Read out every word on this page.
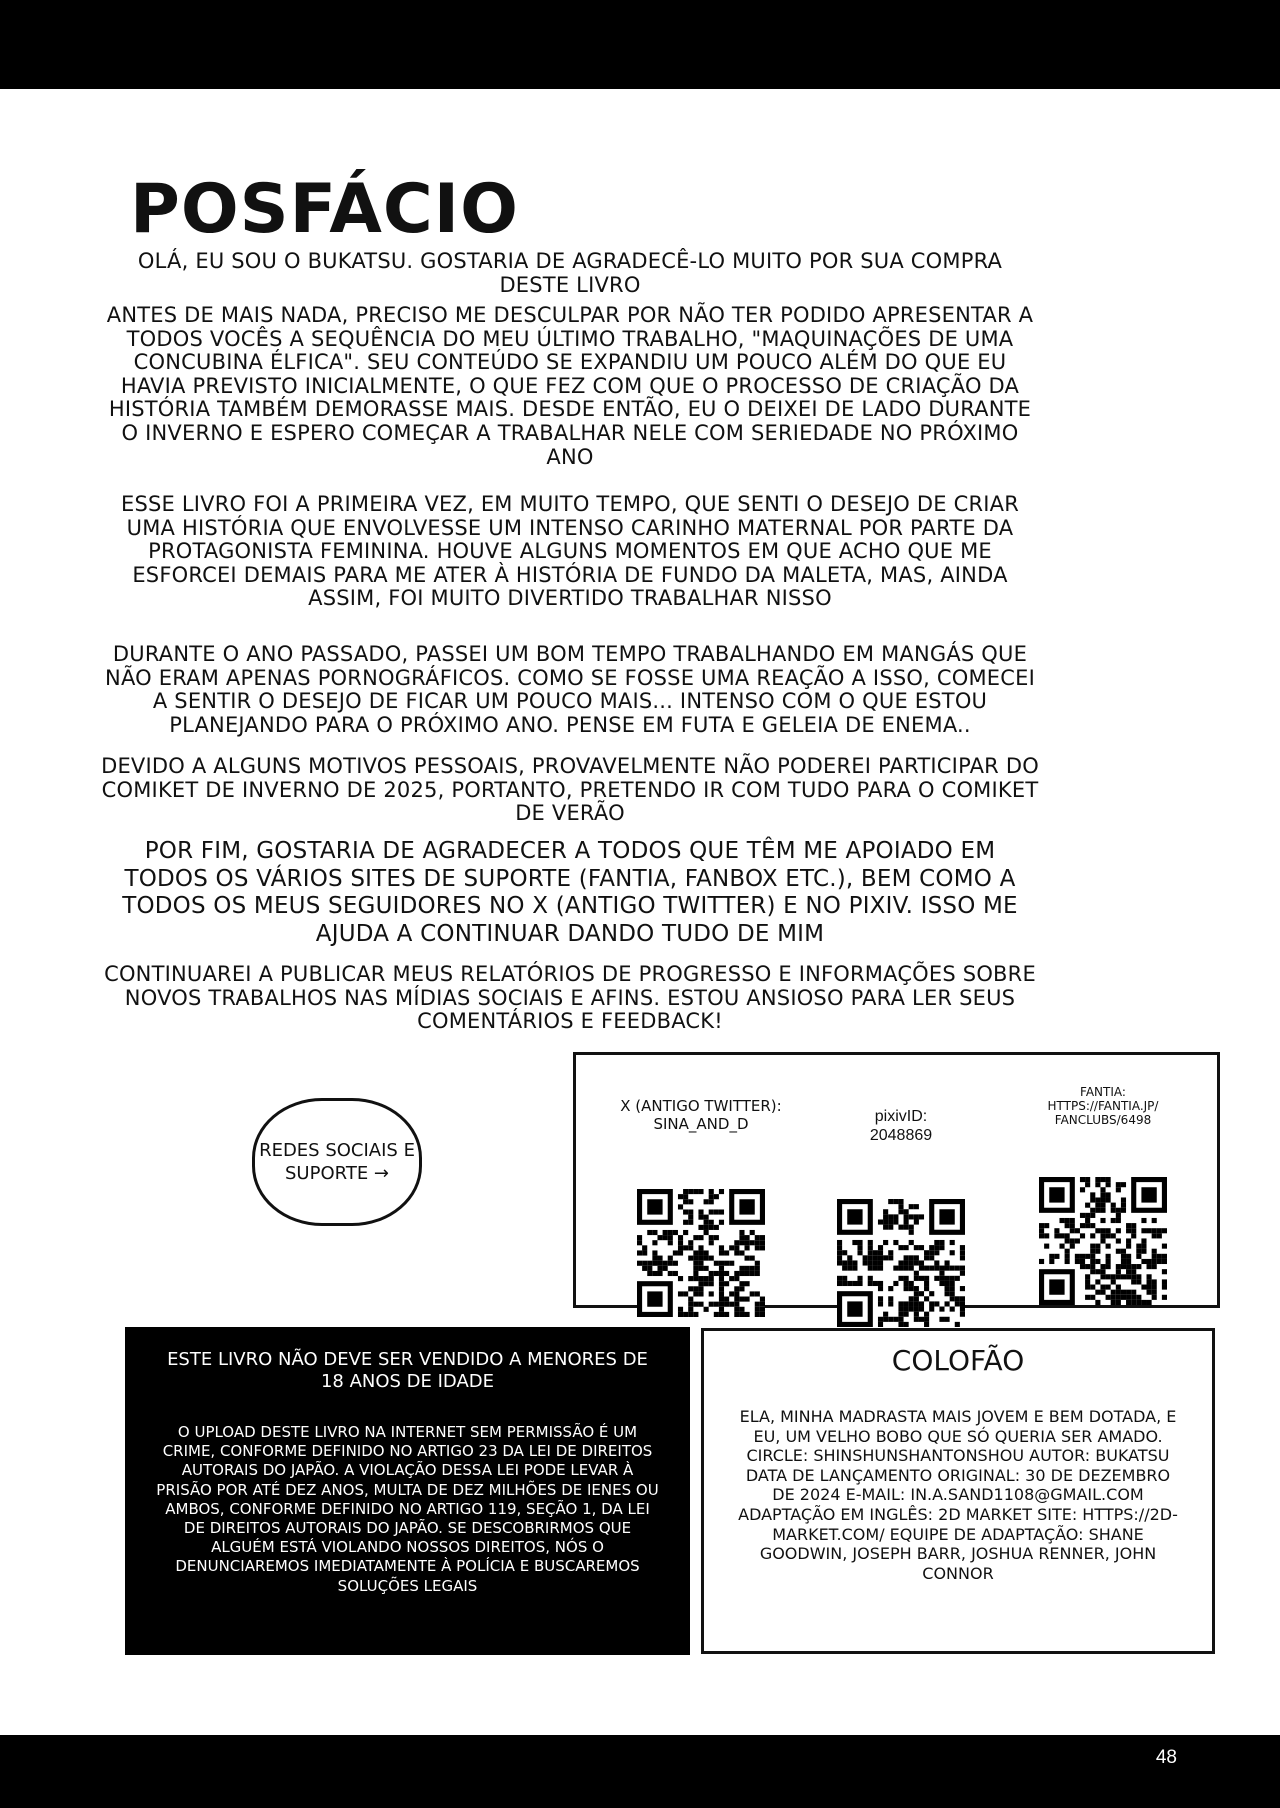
POSFÁCIO

OLÁ, EU SOU O BUKATSU. GOSTARIA DE AGRADECÊ-LO MUITO POR SUA COMPRA DESTE LIVRO

ANTES DE MAIS NADA, PRECISO ME DESCULPAR POR NÃO TER PODIDO APRESENTAR A TODOS VOCÊS A SEQUÊNCIA DO MEU ÚLTIMO TRABALHO, "MAQUINAÇÕES DE UMA CONCUBINA ÉLFICA". SEU CONTEÚDO SE EXPANDIU UM POUCO ALÉM DO QUE EU HAVIA PREVISTO INICIALMENTE, O QUE FEZ COM QUE O PROCESSO DE CRIAÇÃO DA HISTÓRIA TAMBÉM DEMORASSE MAIS. DESDE ENTÃO, EU O DEIXEI DE LADO DURANTE O INVERNO E ESPERO COMEÇAR A TRABALHAR NELE COM SERIEDADE NO PRÓXIMO ANO

ESSE LIVRO FOI A PRIMEIRA VEZ, EM MUITO TEMPO, QUE SENTI O DESEJO DE CRIAR UMA HISTÓRIA QUE ENVOLVESSE UM INTENSO CARINHO MATERNAL POR PARTE DA PROTAGONISTA FEMININA. HOUVE ALGUNS MOMENTOS EM QUE ACHO QUE ME ESFORCEI DEMAIS PARA ME ATER À HISTÓRIA DE FUNDO DA MALETA, MAS, AINDA ASSIM, FOI MUITO DIVERTIDO TRABALHAR NISSO

DURANTE O ANO PASSADO, PASSEI UM BOM TEMPO TRABALHANDO EM MANGÁS QUE NÃO ERAM APENAS PORNOGRÁFICOS. COMO SE FOSSE UMA REAÇÃO A ISSO, COMECEI A SENTIR O DESEJO DE FICAR UM POUCO MAIS... INTENSO COM O QUE ESTOU PLANEJANDO PARA O PRÓXIMO ANO. PENSE EM FUTA E GELEIA DE ENEMA..

DEVIDO A ALGUNS MOTIVOS PESSOAIS, PROVAVELMENTE NÃO PODEREI PARTICIPAR DO COMIKET DE INVERNO DE 2025, PORTANTO, PRETENDO IR COM TUDO PARA O COMIKET DE VERÃO

POR FIM, GOSTARIA DE AGRADECER A TODOS QUE TÊM ME APOIADO EM TODOS OS VÁRIOS SITES DE SUPORTE (FANTIA, FANBOX ETC.), BEM COMO A TODOS OS MEUS SEGUIDORES NO X (ANTIGO TWITTER) E NO PIXIV. ISSO ME AJUDA A CONTINUAR DANDO TUDO DE MIM

CONTINUAREI A PUBLICAR MEUS RELATÓRIOS DE PROGRESSO E INFORMAÇÕES SOBRE NOVOS TRABALHOS NAS MÍDIAS SOCIAIS E AFINS. ESTOU ANSIOSO PARA LER SEUS COMENTÁRIOS E FEEDBACK!

REDES SOCIAIS E SUPORTE →
X (ANTIGO TWITTER):
SINA_AND_D	pixivID:
2048869
FANTIA:
HTTPS://FANTIA.JP/
FANCLUBS/6498

ESTE LIVRO NÃO DEVE SER VENDIDO A MENORES DE 18 ANOS DE IDADE

O UPLOAD DESTE LIVRO NA INTERNET SEM PERMISSÃO É UM CRIME, CONFORME DEFINIDO NO ARTIGO 23 DA LEI DE DIREITOS AUTORAIS DO JAPÃO. A VIOLAÇÃO DESSA LEI PODE LEVAR À PRISÃO POR ATÉ DEZ ANOS, MULTA DE DEZ MILHÕES DE IENES OU AMBOS, CONFORME DEFINIDO NO ARTIGO 119, SEÇÃO 1, DA LEI DE DIREITOS AUTORAIS DO JAPÃO. SE DESCOBRIRMOS QUE ALGUÉM ESTÁ VIOLANDO NOSSOS DIREITOS, NÓS O DENUNCIAREMOS IMEDIATAMENTE À POLÍCIA E BUSCAREMOS SOLUÇÕES LEGAIS

COLOFÃO

ELA, MINHA MADRASTA MAIS JOVEM E BEM DOTADA, E EU, UM VELHO BOBO QUE SÓ QUERIA SER AMADO. CIRCLE: SHINSHUNSHANTONSHOU AUTOR: BUKATSU DATA DE LANÇAMENTO ORIGINAL: 30 DE DEZEMBRO DE 2024 E-MAIL: IN.A.SAND1108@GMAIL.COM ADAPTAÇÃO EM INGLÊS: 2D MARKET SITE: HTTPS://2D-MARKET.COM/ EQUIPE DE ADAPTAÇÃO: SHANE GOODWIN, JOSEPH BARR, JOSHUA RENNER, JOHN CONNOR

48
